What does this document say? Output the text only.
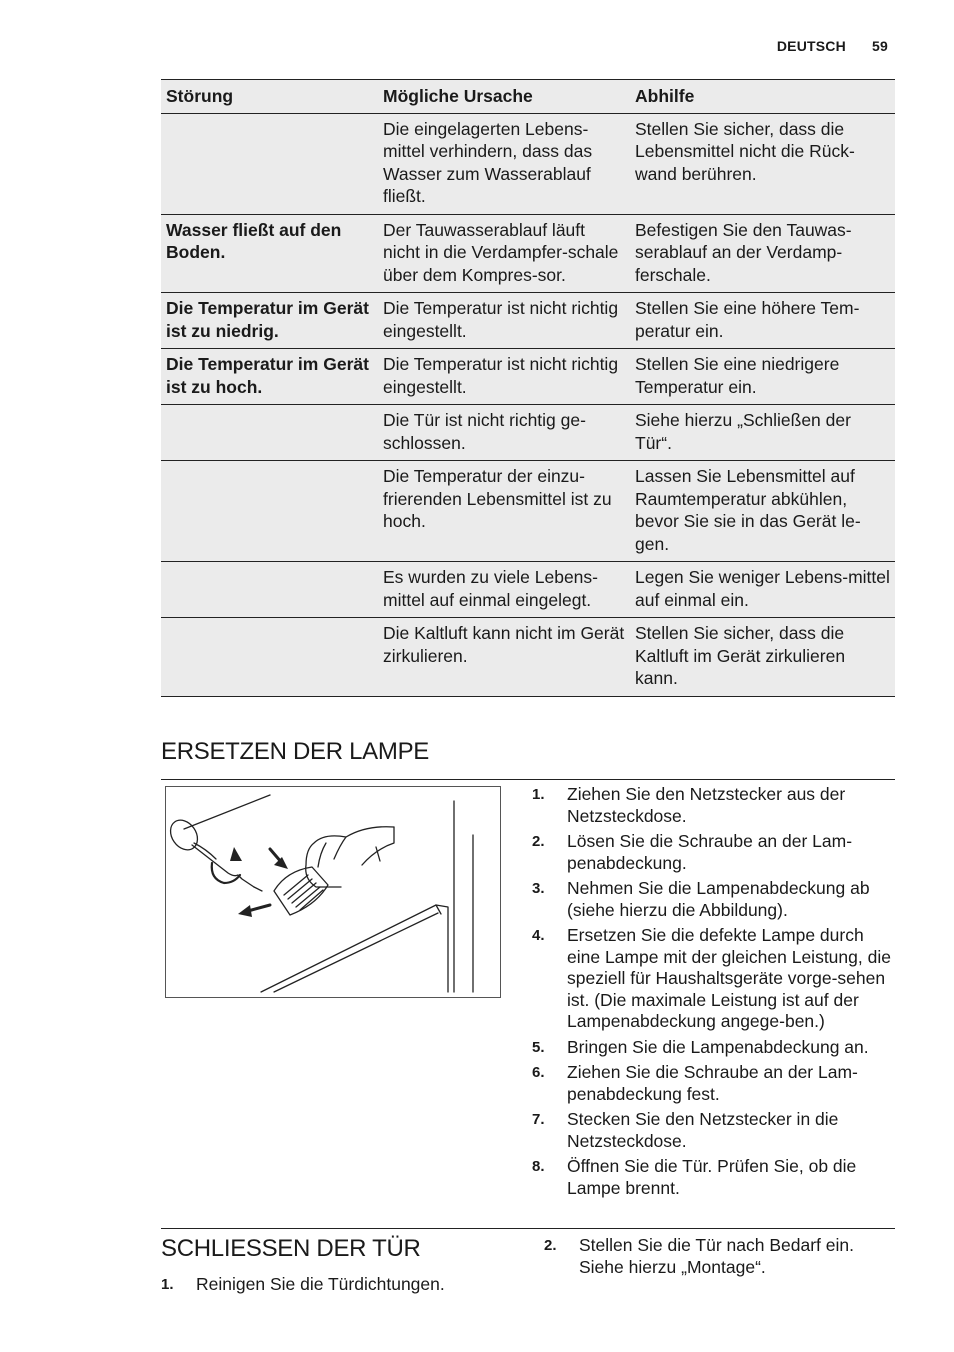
DEUTSCH 59
Störung	Mögliche Ursache	Abhilfe
	Die eingelagerten Lebens-mittel verhindern, dass das Wasser zum Wasserablauf fließt.	Stellen Sie sicher, dass die Lebensmittel nicht die Rück-wand berühren.
Wasser fließt auf den Boden.	Der Tauwasserablauf läuft nicht in die Verdampfer-schale über dem Kompres-sor.	Befestigen Sie den Tauwas-serablauf an der Verdamp-ferschale.
Die Temperatur im Gerät ist zu niedrig.	Die Temperatur ist nicht richtig eingestellt.	Stellen Sie eine höhere Tem-peratur ein.
Die Temperatur im Gerät ist zu hoch.	Die Temperatur ist nicht richtig eingestellt.	Stellen Sie eine niedrigere Temperatur ein.
	Die Tür ist nicht richtig ge-schlossen.	Siehe hierzu „Schließen der Tür“.
	Die Temperatur der einzu-frierenden Lebensmittel ist zu hoch.	Lassen Sie Lebensmittel auf Raumtemperatur abkühlen, bevor Sie sie in das Gerät le-gen.
	Es wurden zu viele Lebens-mittel auf einmal eingelegt.	Legen Sie weniger Lebens-mittel auf einmal ein.
	Die Kaltluft kann nicht im Gerät zirkulieren.	Stellen Sie sicher, dass die Kaltluft im Gerät zirkulieren kann.
ERSETZEN DER LAMPE
1. Ziehen Sie den Netzstecker aus der Netzsteckdose.
2. Lösen Sie die Schraube an der Lam-penabdeckung.
3. Nehmen Sie die Lampenabdeckung ab (siehe hierzu die Abbildung).
4. Ersetzen Sie die defekte Lampe durch eine Lampe mit der gleichen Leistung, die speziell für Haushaltsgeräte vorge-sehen ist. (Die maximale Leistung ist auf der Lampenabdeckung angege-ben.)
5. Bringen Sie die Lampenabdeckung an.
6. Ziehen Sie die Schraube an der Lam-penabdeckung fest.
7. Stecken Sie den Netzstecker in die Netzsteckdose.
8. Öffnen Sie die Tür. Prüfen Sie, ob die Lampe brennt.
SCHLIESSEN DER TÜR
1. Reinigen Sie die Türdichtungen.
2. Stellen Sie die Tür nach Bedarf ein. Siehe hierzu „Montage“.
